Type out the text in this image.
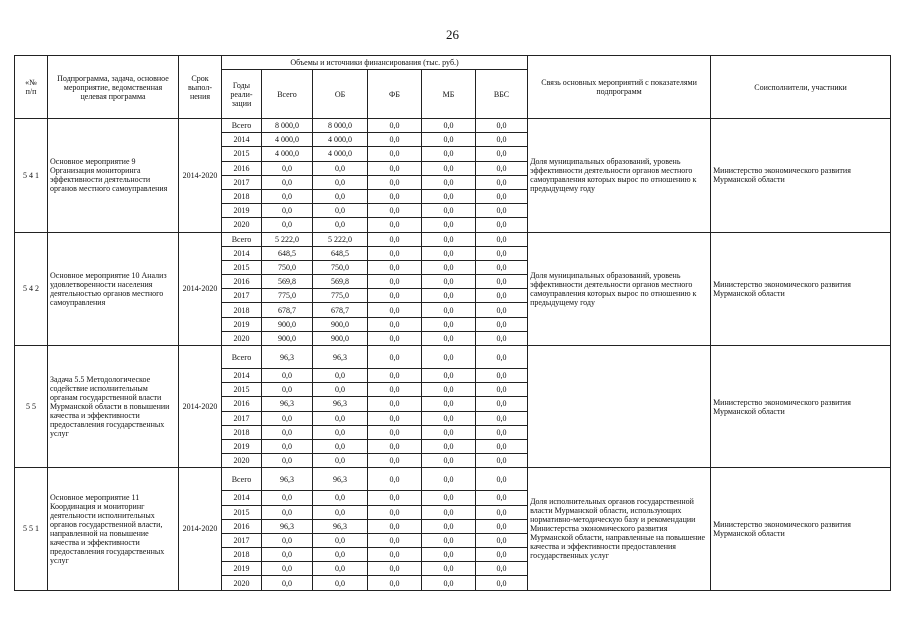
26
«№
п/п	Подпрограмма, задача, основное мероприятие, ведомственная целевая программа	Срок выпол-нения	Объемы и источники финансирования (тыс. руб.)						Связь основных мероприятий с показателями подпрограмм	Соисполнители, участники
			Годы реали-зации	Всего	ОБ	ФБ	МБ	ВБС		
5 4 1	Основное мероприятие 9 Организация мониторинга эффективности деятельности органов местного самоуправления	2014-2020	Всего	8 000,0	8 000,0	0,0	0,0	0,0	Доля муниципальных образований, уровень эффективности деятельности органов местного самоуправления которых вырос по отношению к предыдущему году	Министерство экономического развития Мурманской области
			2014	4 000,0	4 000,0	0,0	0,0	0,0		
			2015	4 000,0	4 000,0	0,0	0,0	0,0		
			2016	0,0	0,0	0,0	0,0	0,0		
			2017	0,0	0,0	0,0	0,0	0,0		
			2018	0,0	0,0	0,0	0,0	0,0		
			2019	0,0	0,0	0,0	0,0	0,0		
			2020	0,0	0,0	0,0	0,0	0,0		
5 4 2	Основное мероприятие 10 Анализ удовлетворенности населения деятельностью органов местного самоуправления	2014-2020	Всего	5 222,0	5 222,0	0,0	0,0	0,0	Доля муниципальных образований, уровень эффективности деятельности органов местного самоуправления которых вырос по отношению к предыдущему году	Министерство экономического развития Мурманской области
			2014	648,5	648,5	0,0	0,0	0,0		
			2015	750,0	750,0	0,0	0,0	0,0		
			2016	569,8	569,8	0,0	0,0	0,0		
			2017	775,0	775,0	0,0	0,0	0,0		
			2018	678,7	678,7	0,0	0,0	0,0		
			2019	900,0	900,0	0,0	0,0	0,0		
			2020	900,0	900,0	0,0	0,0	0,0		
5 5	Задача 5.5 Методологическое содействие исполнительным органам государственной власти Мурманской области в повышении качества и эффективности предоставления государственных услуг	2014-2020	Всего	96,3	96,3	0,0	0,0	0,0		Министерство экономического развития Мурманской области
			2014	0,0	0,0	0,0	0,0	0,0		
			2015	0,0	0,0	0,0	0,0	0,0		
			2016	96,3	96,3	0,0	0,0	0,0		
			2017	0,0	0,0	0,0	0,0	0,0		
			2018	0,0	0,0	0,0	0,0	0,0		
			2019	0,0	0,0	0,0	0,0	0,0		
			2020	0,0	0,0	0,0	0,0	0,0		
5 5 1	Основное мероприятие 11 Координация и мониторинг деятельности исполнительных органов государственной власти, направленной на повышение качества и эффективности предоставления государственных услуг	2014-2020	Всего	96,3	96,3	0,0	0,0	0,0	Доля исполнительных органов государственной власти Мурманской области, использующих нормативно-методическую базу и рекомендации Министерства экономического развития Мурманской области, направленные на повышение качества и эффективности предоставления государственных услуг	Министерство экономического развития Мурманской области
			2014	0,0	0,0	0,0	0,0	0,0		
			2015	0,0	0,0	0,0	0,0	0,0		
			2016	96,3	96,3	0,0	0,0	0,0		
			2017	0,0	0,0	0,0	0,0	0,0		
			2018	0,0	0,0	0,0	0,0	0,0		
			2019	0,0	0,0	0,0	0,0	0,0		
			2020	0,0	0,0	0,0	0,0	0,0		
